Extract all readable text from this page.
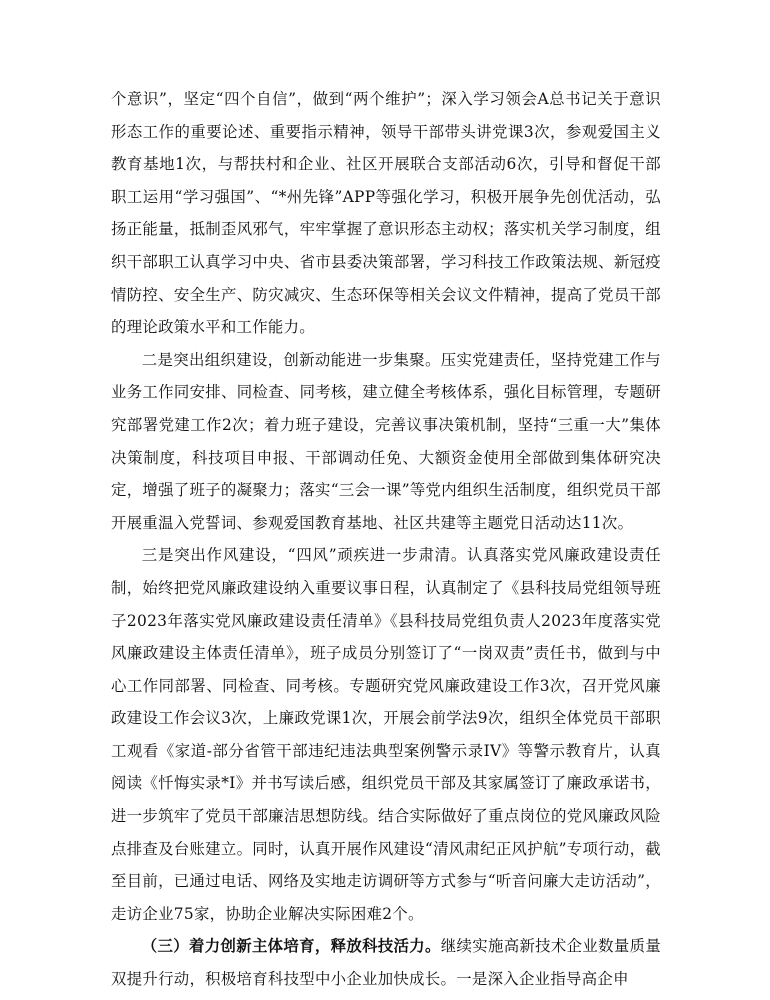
个意识”，坚定“四个自信”，做到“两个维护”；深入学习领会A总书记关于意识形态工作的重要论述、重要指示精神，领导干部带头讲党课3次，参观爱国主义教育基地1次，与帮扶村和企业、社区开展联合支部活动6次，引导和督促干部职工运用“学习强国”、“*州先锋”APP等强化学习，积极开展争先创优活动，弘扬正能量，抵制歪风邪气，牢牢掌握了意识形态主动权；落实机关学习制度，组织干部职工认真学习中央、省市县委决策部署，学习科技工作政策法规、新冠疫情防控、安全生产、防灾减灾、生态环保等相关会议文件精神，提高了党员干部的理论政策水平和工作能力。

二是突出组织建设，创新动能进一步集聚。压实党建责任，坚持党建工作与业务工作同安排、同检查、同考核，建立健全考核体系，强化目标管理，专题研究部署党建工作2次；着力班子建设，完善议事决策机制，坚持“三重一大”集体决策制度，科技项目申报、干部调动任免、大额资金使用全部做到集体研究决定，增强了班子的凝聚力；落实“三会一课”等党内组织生活制度，组织党员干部开展重温入党誓词、参观爱国教育基地、社区共建等主题党日活动达11次。

三是突出作风建设，“四风”顽疾进一步肃清。认真落实党风廉政建设责任制，始终把党风廉政建设纳入重要议事日程，认真制定了《县科技局党组领导班子2023年落实党风廉政建设责任清单》《县科技局党组负责人2023年度落实党风廉政建设主体责任清单》，班子成员分别签订了“一岗双责”责任书，做到与中心工作同部署、同检查、同考核。专题研究党风廉政建设工作3次，召开党风廉政建设工作会议3次，上廉政党课1次，开展会前学法9次，组织全体党员干部职工观看《家道-部分省管干部违纪违法典型案例警示录IV》等警示教育片，认真阅读《忏悔实录*I》并书写读后感，组织党员干部及其家属签订了廉政承诺书，进一步筑牢了党员干部廉洁思想防线。结合实际做好了重点岗位的党风廉政风险点排查及台账建立。同时，认真开展作风建设“清风肃纪正风护航”专项行动，截至目前，已通过电话、网络及实地走访调研等方式参与“听音问廉大走访活动”，走访企业75家，协助企业解决实际困难2个。

（三）着力创新主体培育，释放科技活力。继续实施高新技术企业数量质量双提升行动，积极培育科技型中小企业加快成长。一是深入企业指导高企申
